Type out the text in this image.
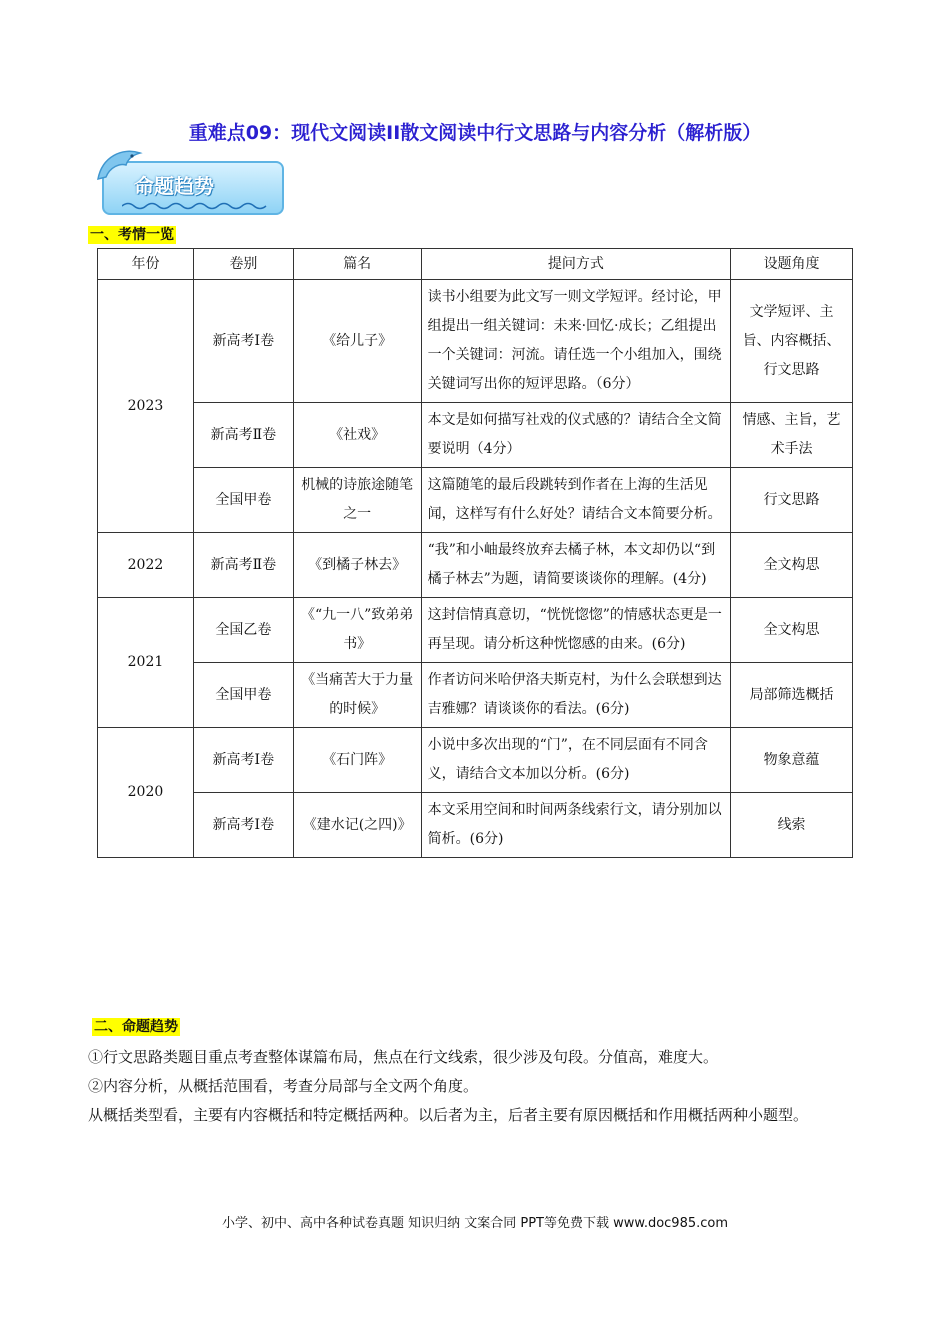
重难点09：现代文阅读II散文阅读中行文思路与内容分析（解析版）
命题趋势
一、考情一览
年份	卷别	篇名	提问方式	设题角度
2023	新高考I卷	《给儿子》	读书小组要为此文写一则文学短评。经讨论，甲组提出一组关键词：未来·回忆·成长；乙组提出一个关键词：河流。请任选一个小组加入，围绕关键词写出你的短评思路。（6分）	文学短评、主旨、内容概括、行文思路
	新高考Ⅱ卷	《社戏》	本文是如何描写社戏的仪式感的？请结合全文简要说明（4分）	情感、主旨，艺术手法
	全国甲卷	机械的诗旅途随笔之一	这篇随笔的最后段跳转到作者在上海的生活见闻，这样写有什么好处？请结合文本简要分析。	行文思路
2022	新高考Ⅱ卷	《到橘子林去》	“我”和小岫最终放弃去橘子林，本文却仍以“到橘子林去”为题，请简要谈谈你的理解。(4分)	全文构思
2021	全国乙卷	《“九一八”致弟弟书》	这封信情真意切，“恍恍惚惚”的情感状态更是一再呈现。请分析这种恍惚感的由来。(6分)	全文构思
	全国甲卷	《当痛苦大于力量的时候》	作者访问米哈伊洛夫斯克村，为什么会联想到达吉雅娜？请谈谈你的看法。(6分)	局部筛选概括
2020	新高考Ⅰ卷	《石门阵》	小说中多次出现的“门”，在不同层面有不同含义，请结合文本加以分析。(6分)	物象意蕴
	新高考I卷	《建水记(之四)》	本文采用空间和时间两条线索行文，请分别加以简析。(6分)	线索
二、命题趋势
①行文思路类题目重点考查整体谋篇布局，焦点在行文线索，很少涉及句段。分值高，难度大。
②内容分析，从概括范围看，考查分局部与全文两个角度。
从概括类型看，主要有内容概括和特定概括两种。以后者为主，后者主要有原因概括和作用概括两种小题型。
小学、初中、高中各种试卷真题 知识归纳 文案合同 PPT等免费下载 www.doc985.com
